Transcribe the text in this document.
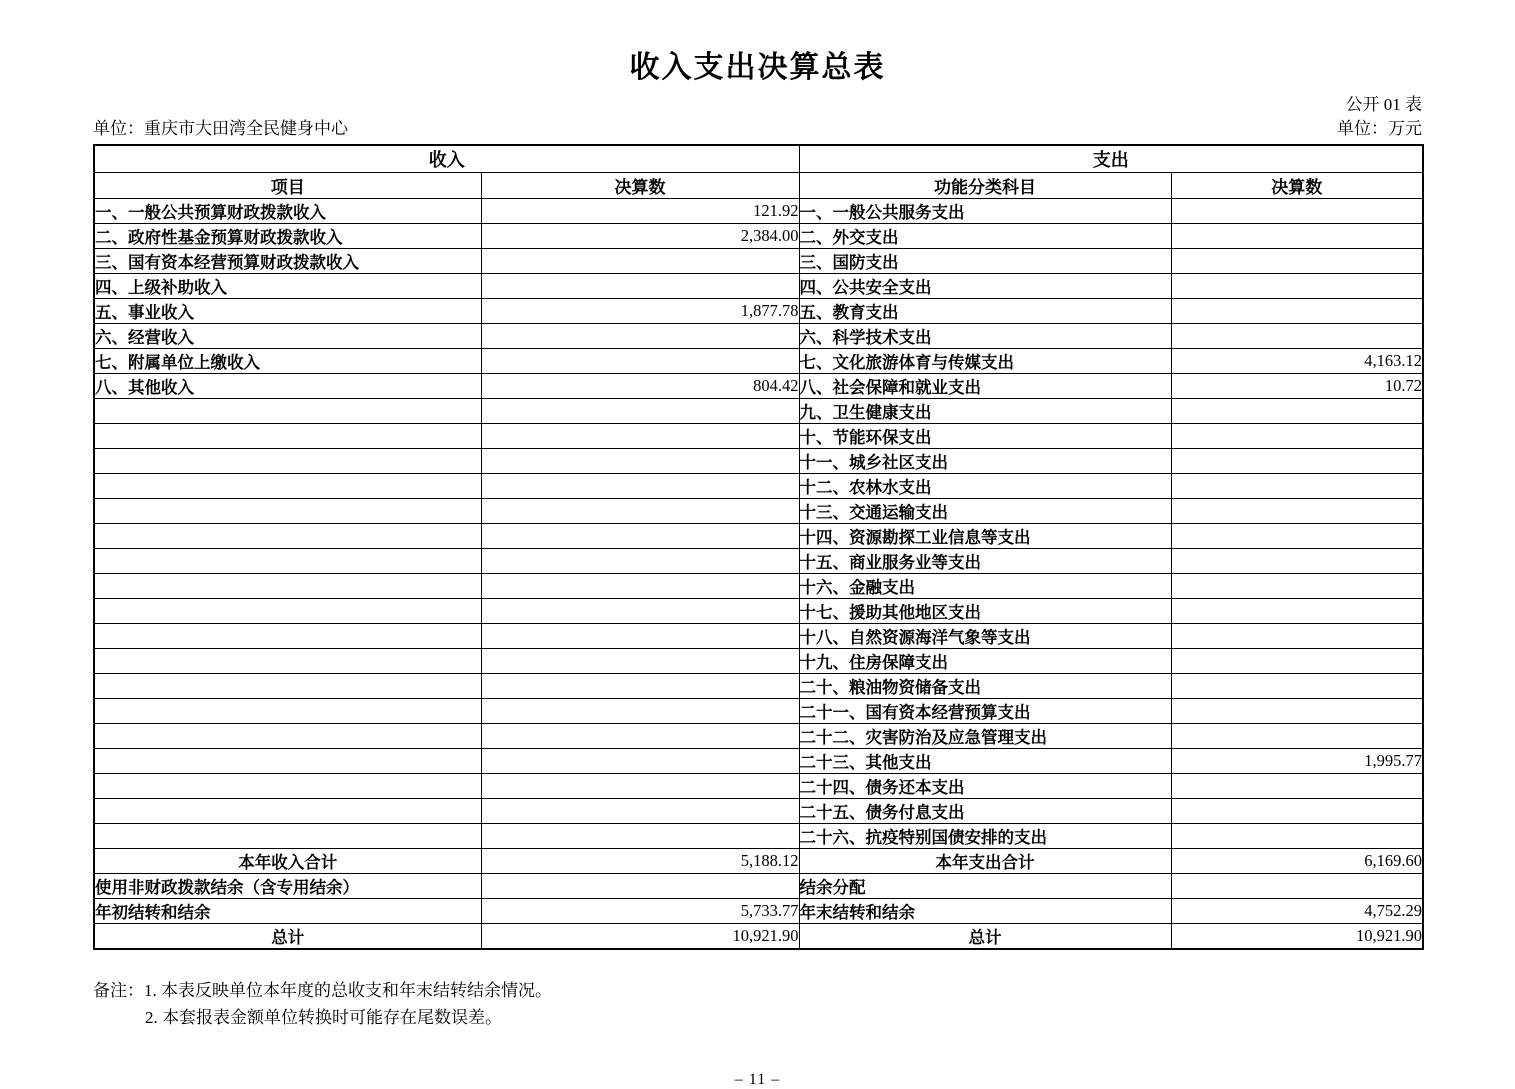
收入支出决算总表
公开 01 表
单位：重庆市大田湾全民健身中心	单位：万元
收入		支出	
项目	决算数	功能分类科目	决算数
一、一般公共预算财政拨款收入	121.92	一、一般公共服务支出	
二、政府性基金预算财政拨款收入	2,384.00	二、外交支出	
三、国有资本经营预算财政拨款收入		三、国防支出	
四、上级补助收入		四、公共安全支出	
五、事业收入	1,877.78	五、教育支出	
六、经营收入		六、科学技术支出	
七、附属单位上缴收入		七、文化旅游体育与传媒支出	4,163.12
八、其他收入	804.42	八、社会保障和就业支出	10.72
		九、卫生健康支出	
		十、节能环保支出	
		十一、城乡社区支出	
		十二、农林水支出	
		十三、交通运输支出	
		十四、资源勘探工业信息等支出	
		十五、商业服务业等支出	
		十六、金融支出	
		十七、援助其他地区支出	
		十八、自然资源海洋气象等支出	
		十九、住房保障支出	
		二十、粮油物资储备支出	
		二十一、国有资本经营预算支出	
		二十二、灾害防治及应急管理支出	
		二十三、其他支出	1,995.77
		二十四、债务还本支出	
		二十五、债务付息支出	
		二十六、抗疫特别国债安排的支出	
本年收入合计	5,188.12	本年支出合计	6,169.60
使用非财政拨款结余（含专用结余）		结余分配	
年初结转和结余	5,733.77	年末结转和结余	4,752.29
总计	10,921.90	总计	10,921.90
备注：1. 本表反映单位本年度的总收支和年末结转结余情况。
2. 本套报表金额单位转换时可能存在尾数误差。
– 11 –
